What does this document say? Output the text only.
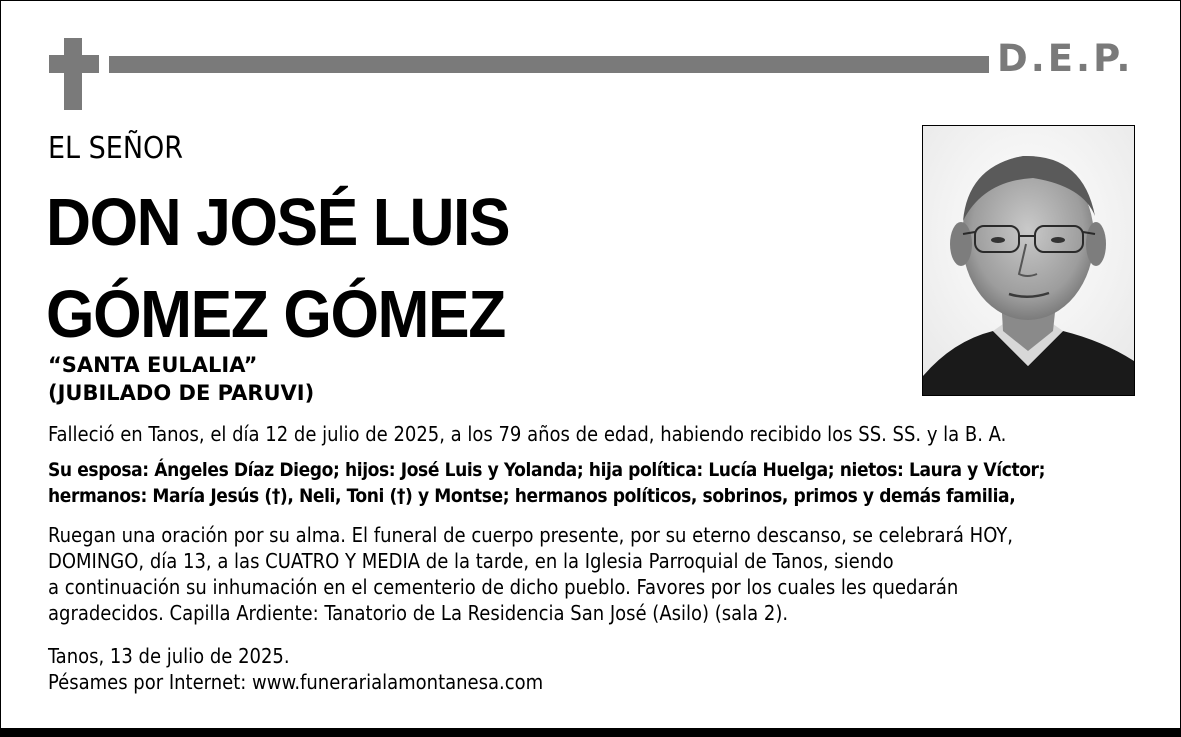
D.E.P.
EL SEÑOR
DON JOSÉ LUIS
GÓMEZ GÓMEZ
“SANTA EULALIA”
(JUBILADO DE PARUVI)
Falleció en Tanos, el día 12 de julio de 2025, a los 79 años de edad, habiendo recibido los SS. SS. y la B. A.
Su esposa: Ángeles Díaz Diego; hijos: José Luis y Yolanda; hija política: Lucía Huelga; nietos: Laura y Víctor;
hermanos: María Jesús (†), Neli, Toni (†) y Montse; hermanos políticos, sobrinos, primos y demás familia,
Ruegan una oración por su alma. El funeral de cuerpo presente, por su eterno descanso, se celebrará HOY,
DOMINGO, día 13, a las CUATRO Y MEDIA de la tarde, en la Iglesia Parroquial de Tanos, siendo
a continuación su inhumación en el cementerio de dicho pueblo. Favores por los cuales les quedarán
agradecidos. Capilla Ardiente: Tanatorio de La Residencia San José (Asilo) (sala 2).
Tanos, 13 de julio de 2025.
Pésames por Internet: www.funerarialamontanesa.com
